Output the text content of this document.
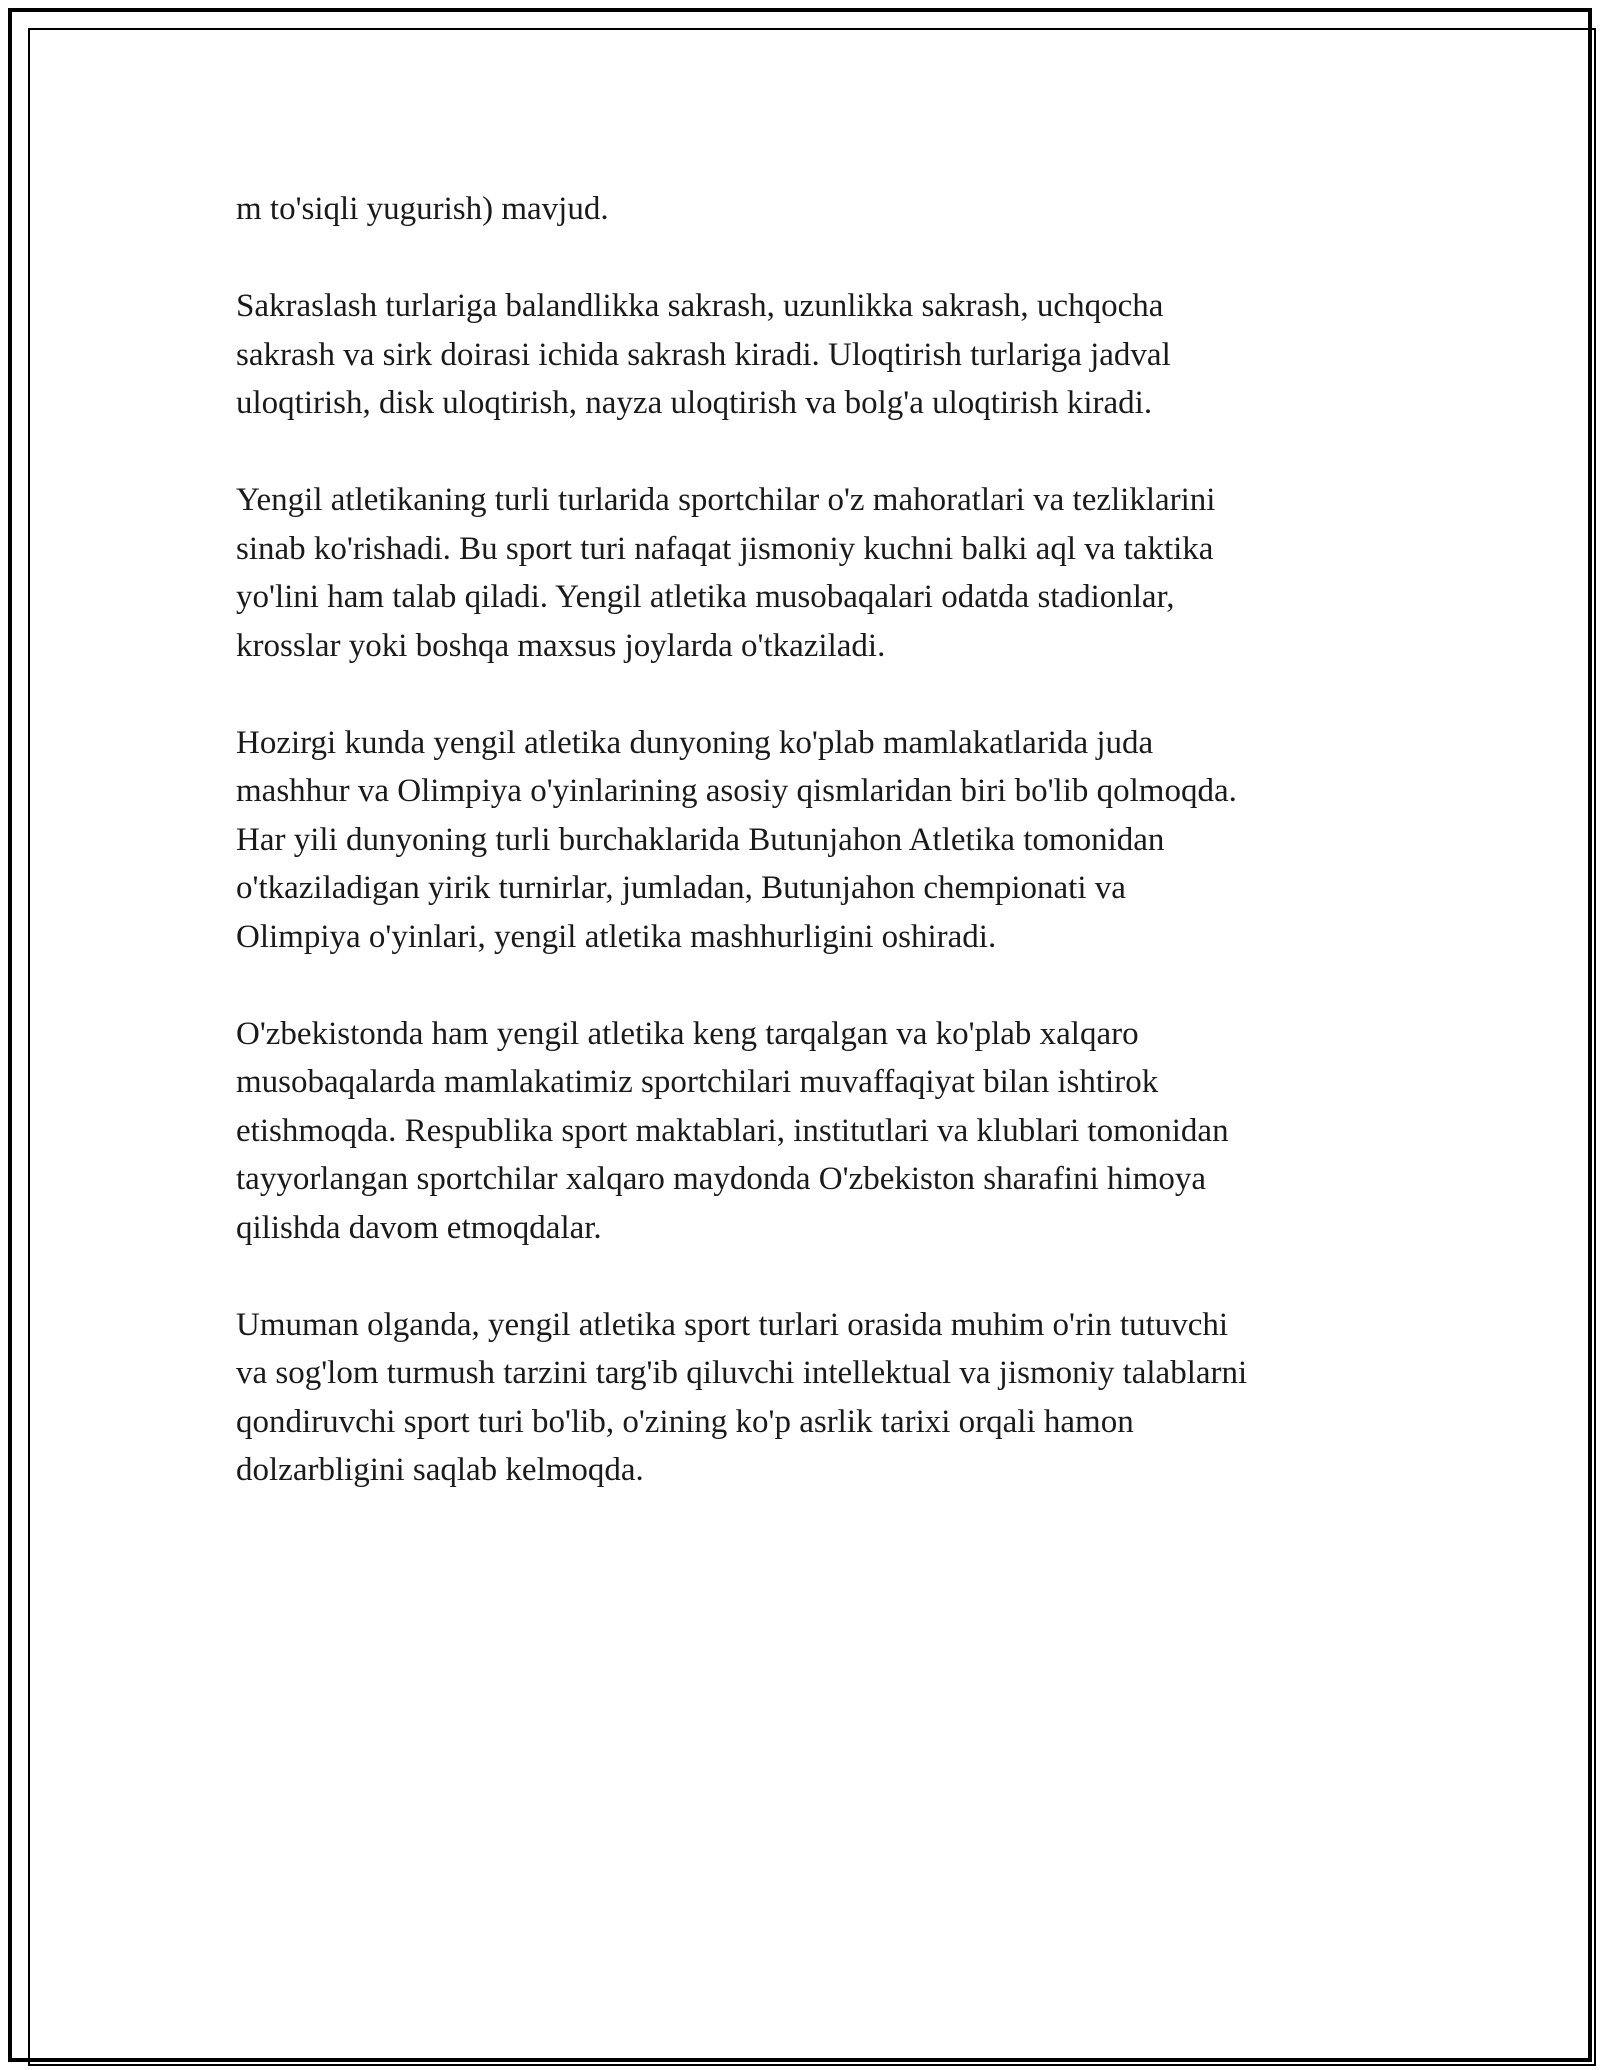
m to'siqli yugurish) mavjud.

Sakraslash turlariga balandlikka sakrash, uzunlikka sakrash, uchqocha
sakrash va sirk doirasi ichida sakrash kiradi. Uloqtirish turlariga jadval
uloqtirish, disk uloqtirish, nayza uloqtirish va bolg'a uloqtirish kiradi.

Yengil atletikaning turli turlarida sportchilar o'z mahoratlari va tezliklarini
sinab ko'rishadi. Bu sport turi nafaqat jismoniy kuchni balki aql va taktika
yo'lini ham talab qiladi. Yengil atletika musobaqalari odatda stadionlar,
krosslar yoki boshqa maxsus joylarda o'tkaziladi.

Hozirgi kunda yengil atletika dunyoning ko'plab mamlakatlarida juda
mashhur va Olimpiya o'yinlarining asosiy qismlaridan biri bo'lib qolmoqda.
Har yili dunyoning turli burchaklarida Butunjahon Atletika tomonidan
o'tkaziladigan yirik turnirlar, jumladan, Butunjahon chempionati va
Olimpiya o'yinlari, yengil atletika mashhurligini oshiradi.

O'zbekistonda ham yengil atletika keng tarqalgan va ko'plab xalqaro
musobaqalarda mamlakatimiz sportchilari muvaffaqiyat bilan ishtirok
etishmoqda. Respublika sport maktablari, institutlari va klublari tomonidan
tayyorlangan sportchilar xalqaro maydonda O'zbekiston sharafini himoya
qilishda davom etmoqdalar.

Umuman olganda, yengil atletika sport turlari orasida muhim o'rin tutuvchi
va sog'lom turmush tarzini targ'ib qiluvchi intellektual va jismoniy talablarni
qondiruvchi sport turi bo'lib, o'zining ko'p asrlik tarixi orqali hamon
dolzarbligini saqlab kelmoqda.
